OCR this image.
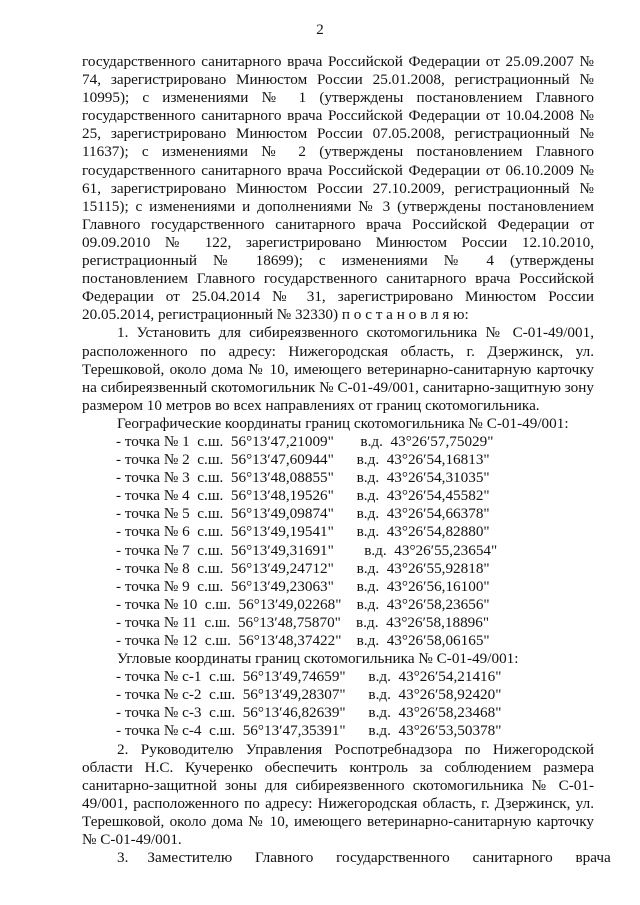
2

государственного санитарного врача Российской Федерации от 25.09.2007 № 74, зарегистрировано Минюстом России 25.01.2008, регистрационный № 10995); с изменениями № 1 (утверждены постановлением Главного государственного санитарного врача Российской Федерации от 10.04.2008 № 25, зарегистрировано Минюстом России 07.05.2008, регистрационный № 11637); с изменениями № 2 (утверждены постановлением Главного государственного санитарного врача Российской Федерации от 06.10.2009 № 61, зарегистрировано Минюстом России 27.10.2009, регистрационный № 15115); с изменениями и дополнениями № 3 (утверждены постановлением Главного государственного санитарного врача Российской Федерации от 09.09.2010 № 122, зарегистрировано Минюстом России 12.10.2010, регистрационный № 18699); с изменениями № 4 (утверждены постановлением Главного государственного санитарного врача Российской Федерации от 25.04.2014 № 31, зарегистрировано Минюстом России 20.05.2014, регистрационный № 32330) п о с т а н о в л я ю:

1. Установить для сибиреязвенного скотомогильника № С-01-49/001, расположенного по адресу: Нижегородская область, г. Дзержинск, ул. Терешковой, около дома № 10, имеющего ветеринарно-санитарную карточку на сибиреязвенный скотомогильник № С-01-49/001, санитарно-защитную зону размером 10 метров во всех направлениях от границ скотомогильника.

Географические координаты границ скотомогильника № С-01-49/001:

- точка № 1  с.ш.  56°13′47,21009"       в.д.  43°26′57,75029"
- точка № 2  с.ш.  56°13′47,60944"      в.д.  43°26′54,16813"
- точка № 3  с.ш.  56°13′48,08855"      в.д.  43°26′54,31035"
- точка № 4  с.ш.  56°13′48,19526"      в.д.  43°26′54,45582"
- точка № 5  с.ш.  56°13′49,09874"      в.д.  43°26′54,66378"
- точка № 6  с.ш.  56°13′49,19541"      в.д.  43°26′54,82880"
- точка № 7  с.ш.  56°13′49,31691"        в.д.  43°26′55,23654"
- точка № 8  с.ш.  56°13′49,24712"      в.д.  43°26′55,92818"
- точка № 9  с.ш.  56°13′49,23063"      в.д.  43°26′56,16100"
- точка № 10  с.ш.  56°13′49,02268"    в.д.  43°26′58,23656"
- точка № 11  с.ш.  56°13′48,75870"    в.д.  43°26′58,18896"
- точка № 12  с.ш.  56°13′48,37422"    в.д.  43°26′58,06165"

Угловые координаты границ скотомогильника № С-01-49/001:

- точка № с-1  с.ш.  56°13′49,74659"      в.д.  43°26′54,21416"
- точка № с-2  с.ш.  56°13′49,28307"      в.д.  43°26′58,92420"
- точка № с-3  с.ш.  56°13′46,82639"      в.д.  43°26′58,23468"
- точка № с-4  с.ш.  56°13′47,35391"      в.д.  43°26′53,50378"

2. Руководителю Управления Роспотребнадзора по Нижегородской области Н.С. Кучеренко обеспечить контроль за соблюдением размера санитарно-защитной зоны для сибиреязвенного скотомогильника № С-01-49/001, расположенного по адресу: Нижегородская область, г. Дзержинск, ул. Терешковой, около дома № 10, имеющего ветеринарно-санитарную карточку № С-01-49/001.

3.     Заместителю      Главного      государственного      санитарного      врача
